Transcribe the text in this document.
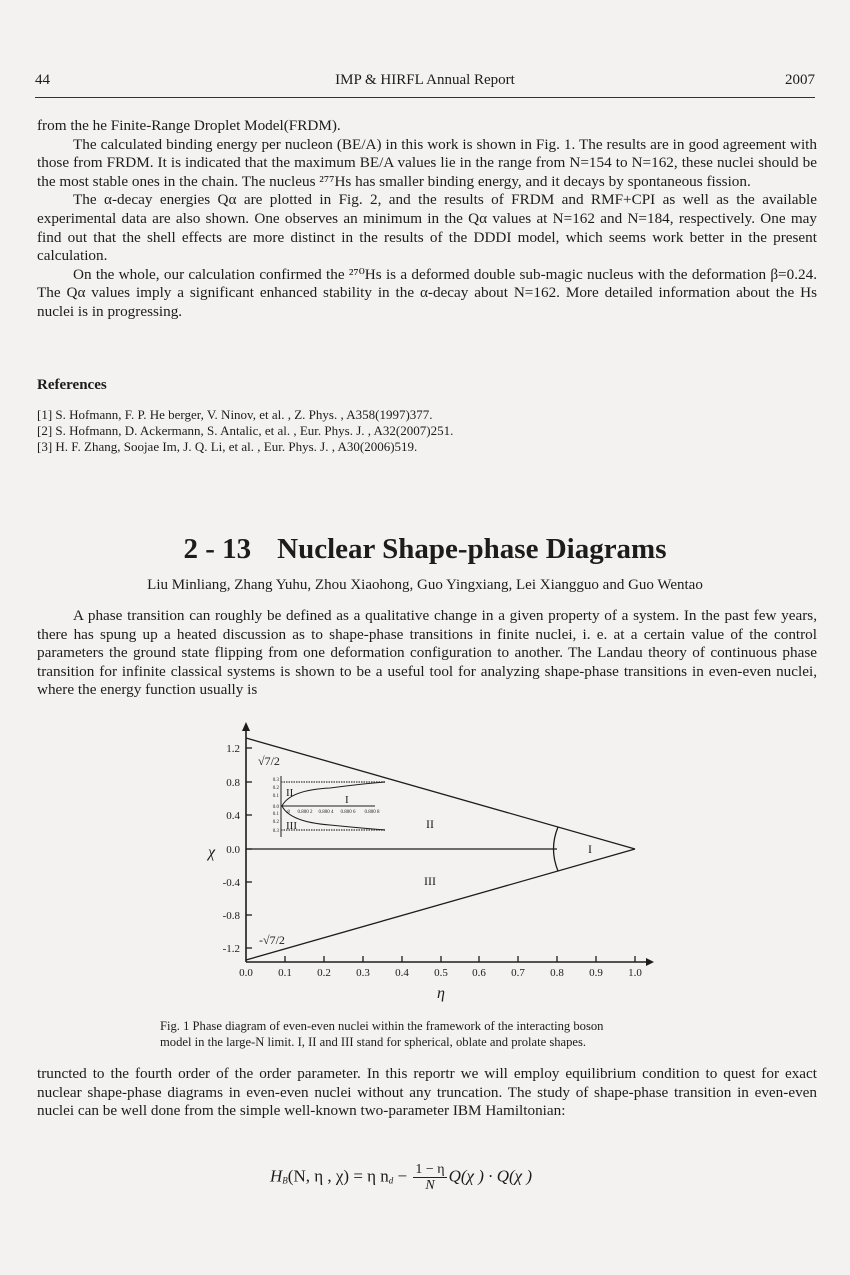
44	IMP & HIRFL Annual Report	2007

from the he Finite-Range Droplet Model(FRDM).

The calculated binding energy per nucleon (BE/A) in this work is shown in Fig. 1. The results are in good agreement with those from FRDM. It is indicated that the maximum BE/A values lie in the range from N=154 to N=162, these nuclei should be the most stable ones in the chain. The nucleus ²⁷⁷Hs has smaller binding energy, and it decays by spontaneous fission.

The α-decay energies Qα are plotted in Fig. 2, and the results of FRDM and RMF+CPI as well as the available experimental data are also shown. One observes an minimum in the Qα values at N=162 and N=184, respectively. One may find out that the shell effects are more distinct in the results of the DDDI model, which seems work better in the present calculation.

On the whole, our calculation confirmed the ²⁷⁰Hs is a deformed double sub-magic nucleus with the deformation β=0.24. The Qα values imply a significant enhanced stability in the α-decay about N=162. More detailed information about the Hs nuclei is in progressing.

References
[1] S. Hofmann, F. P. He berger, V. Ninov, et al. , Z. Phys. , A358(1997)377.
[2] S. Hofmann, D. Ackermann, S. Antalic, et al. , Eur. Phys. J. , A32(2007)251.
[3] H. F. Zhang, Soojae Im, J. Q. Li, et al. , Eur. Phys. J. , A30(2006)519.
2 - 13 Nuclear Shape-phase Diagrams
Liu Minliang, Zhang Yuhu, Zhou Xiaohong, Guo Yingxiang, Lei Xiangguo and Guo Wentao

A phase transition can roughly be defined as a qualitative change in a given property of a system. In the past few years, there has spung up a heated discussion as to shape-phase transitions in finite nuclei, i. e. at a certain value of the control parameters the ground state flipping from one deformation configuration to another. The Landau theory of continuous phase transition for infinite classical systems is shown to be a useful tool for analyzing shape-phase transitions in even-even nuclei, where the energy function usually is

1.2
0.8
0.4
0.0
-0.4
-0.8
-1.2
χ
0.0 0.1 0.2 0.3 0.4 0.5 0.6 0.7 0.8 0.9 1.0
η
I
II
III
√7/2
-√7/2
0.3
0.2
0.1
0.0
0.1
0.2
0.3
.8 0.800 2 0.800 4 0.800 6 0.800 8
II
I
III
Fig. 1 Phase diagram of even-even nuclei within the framework of the interacting boson
model in the large-N limit. I, II and III stand for spherical, oblate and prolate shapes.

truncted to the fourth order of the order parameter. In this reportr we will employ equilibrium condition to quest for exact nuclear shape-phase diagrams in even-even nuclei without any truncation. The study of shape-phase transition in even-even nuclei can be well done from the simple well-known two-parameter IBM Hamiltonian:

$H_B(N$, η , χ) = η $n_d - \frac{1 - \eta}{N} Q(\chi$ ) · Q(χ )
